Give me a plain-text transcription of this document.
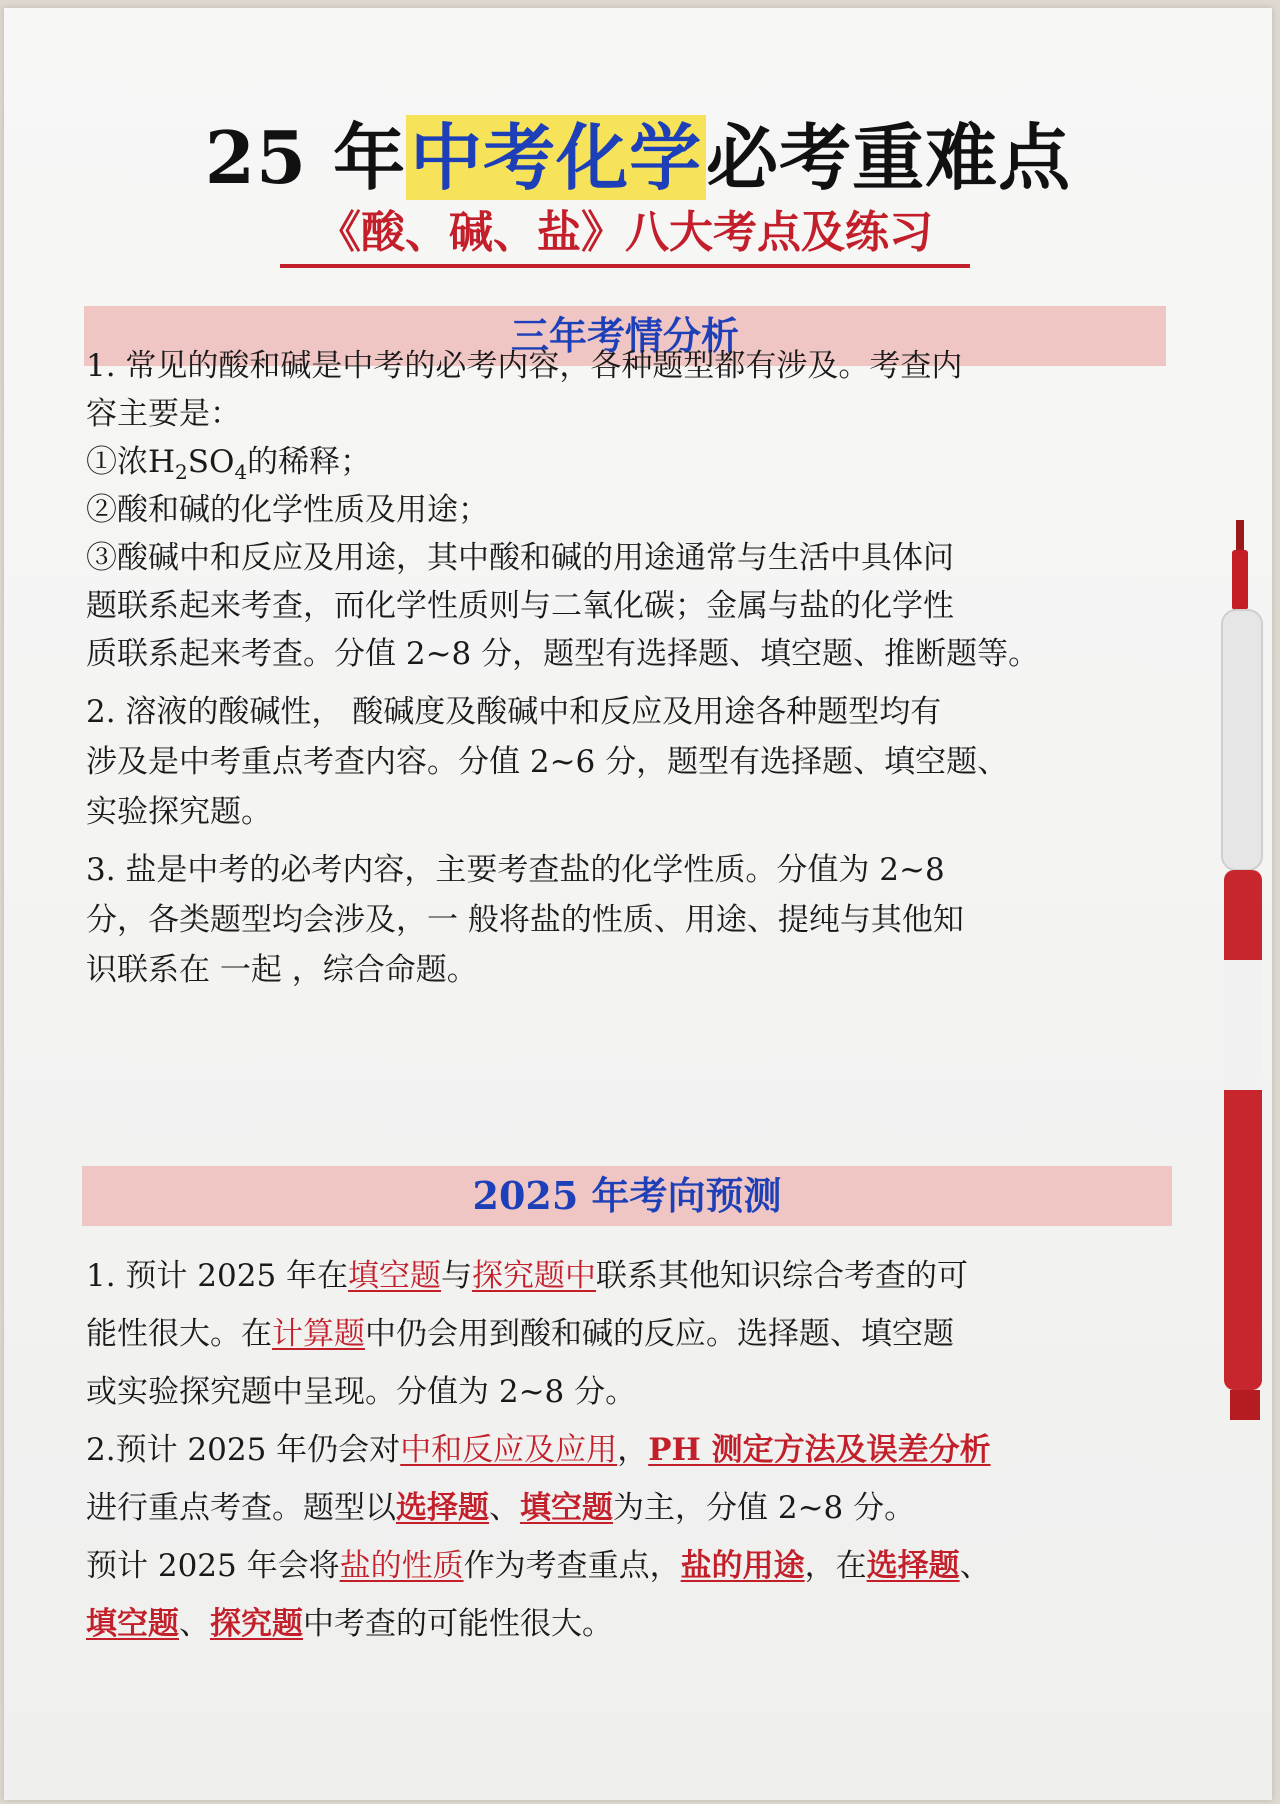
25 年中考化学必考重难点
《酸、碱、盐》八大考点及练习
三年考情分析
1. 常见的酸和碱是中考的必考内容，各种题型都有涉及。考查内
容主要是：
①浓$H_2SO_4$的稀释；
②酸和碱的化学性质及用途；
③酸碱中和反应及用途，其中酸和碱的用途通常与生活中具体问
题联系起来考查，而化学性质则与二氧化碳；金属与盐的化学性
质联系起来考查。分值 2~8 分，题型有选择题、填空题、推断题等。
2. 溶液的酸碱性， 酸碱度及酸碱中和反应及用途各种题型均有
涉及是中考重点考查内容。分值 2~6 分，题型有选择题、填空题、
实验探究题。
3. 盐是中考的必考内容，主要考查盐的化学性质。分值为 2~8
分，各类题型均会涉及，一 般将盐的性质、用途、提纯与其他知
识联系在 一起 ，综合命题。
2025 年考向预测
1. 预计 2025 年在填空题与探究题中联系其他知识综合考查的可
能性很大。在计算题中仍会用到酸和碱的反应。选择题、填空题
或实验探究题中呈现。分值为 2~8 分。
2.预计 2025 年仍会对中和反应及应用，PH 测定方法及误差分析
进行重点考查。题型以选择题、填空题为主，分值 2~8 分。
预计 2025 年会将盐的性质作为考查重点，盐的用途，在选择题、
填空题、探究题中考查的可能性很大。
